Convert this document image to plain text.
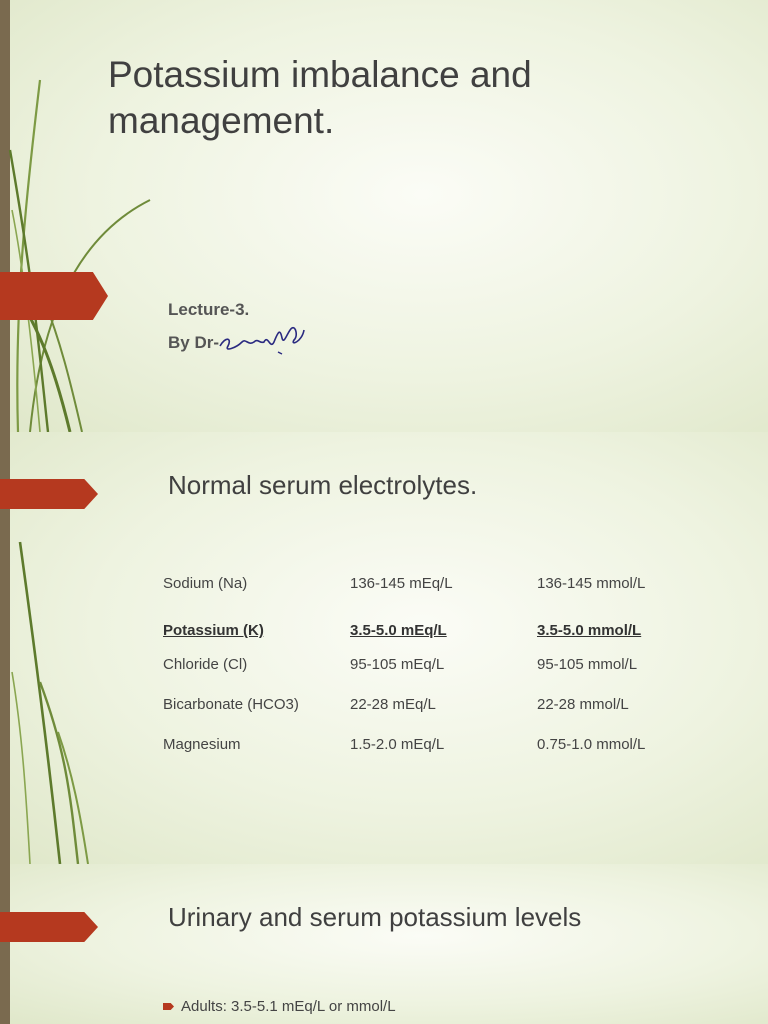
Potassium imbalance and
management.
Lecture-3.
By Dr-
Normal serum electrolytes.
Sodium (Na)	136-145 mEq/L	136-145 mmol/L
Potassium (K)	3.5-5.0 mEq/L	3.5-5.0 mmol/L
Chloride (Cl)	95-105 mEq/L	95-105 mmol/L
Bicarbonate (HCO3)	22-28 mEq/L	22-28 mmol/L
Magnesium	1.5-2.0 mEq/L	0.75-1.0 mmol/L
Urinary and serum potassium levels
Adults: 3.5-5.1 mEq/L or mmol/L
